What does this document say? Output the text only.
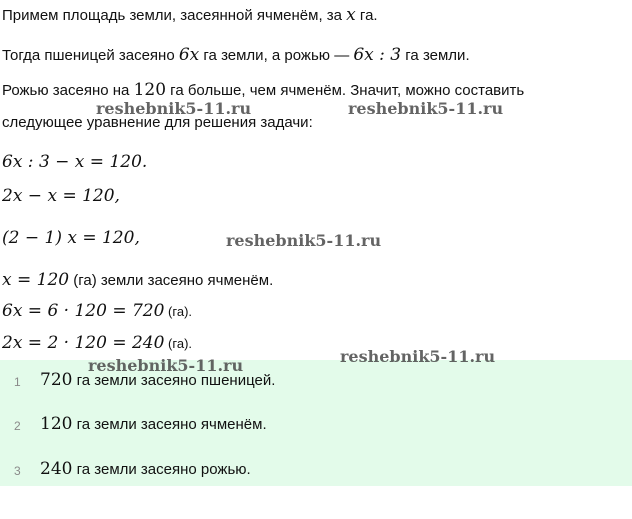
Примем площадь земли, засеянной ячменём, за x га.
Тогда пшеницей засеяно 6x га земли, а рожью — 6x : 3 га земли.
Рожью засеяно на 120 га больше, чем ячменём. Значит, можно составить
следующее уравнение для решения задачи:
6x : 3 − x = 120.
2x − x = 120,
(2 − 1) x = 120,
x = 120 (га) земли засеяно ячменём.
6x = 6 · 120 = 720 (га).
2x = 2 · 120 = 240 (га).
1 720 га земли засеяно пшеницей.
2 120 га земли засеяно ячменём.
3 240 га земли засеяно рожью.
reshebnik5-11.ru	reshebnik5-11.ru
reshebnik5-11.ru
reshebnik5-11.ru	reshebnik5-11.ru
